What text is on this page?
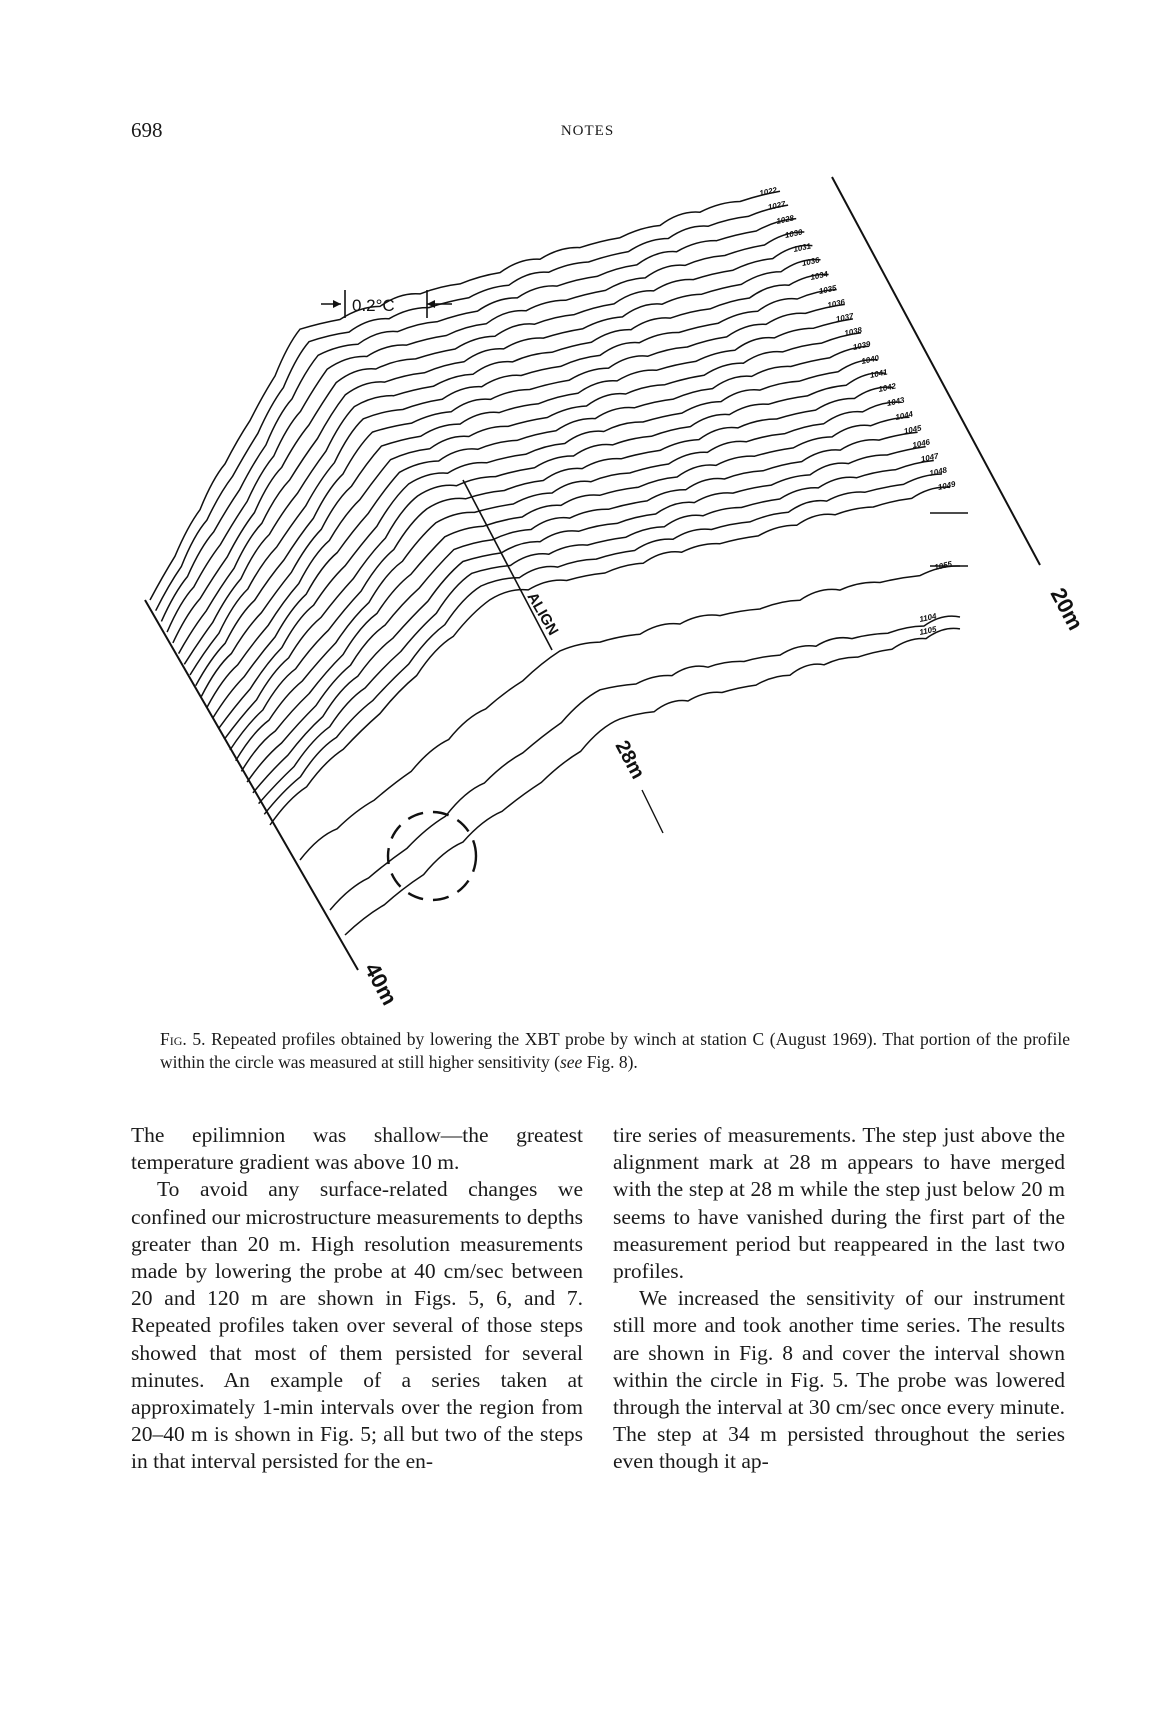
698	NOTES
0.2°C
1022
1027
1028
1030
1031
1036
1034
1035
1036
1037
1038
1039
1040
1041
1042
1043
1044
1045
1046
1047
1048
1049
1055
1104
1105	20m
28m
40m
ALIGN
Fig. 5. Repeated profiles obtained by lowering the XBT probe by winch at station C (August 1969). That portion of the profile within the circle was measured at still higher sensitivity (see Fig. 8).

The epilimnion was shallow—the greatest temperature gradient was above 10 m.

To avoid any surface-related changes we confined our microstructure measurements to depths greater than 20 m. High resolution measurements made by lowering the probe at 40 cm/sec between 20 and 120 m are shown in Figs. 5, 6, and 7. Repeated profiles taken over several of those steps showed that most of them persisted for several minutes. An example of a series taken at approximately 1-min intervals over the region from 20–40 m is shown in Fig. 5; all but two of the steps in that interval persisted for the en-

tire series of measurements. The step just above the alignment mark at 28 m appears to have merged with the step at 28 m while the step just below 20 m seems to have vanished during the first part of the measurement period but reappeared in the last two profiles.

We increased the sensitivity of our instrument still more and took another time series. The results are shown in Fig. 8 and cover the interval shown within the circle in Fig. 5. The probe was lowered through the interval at 30 cm/sec once every minute. The step at 34 m persisted throughout the series even though it ap-
